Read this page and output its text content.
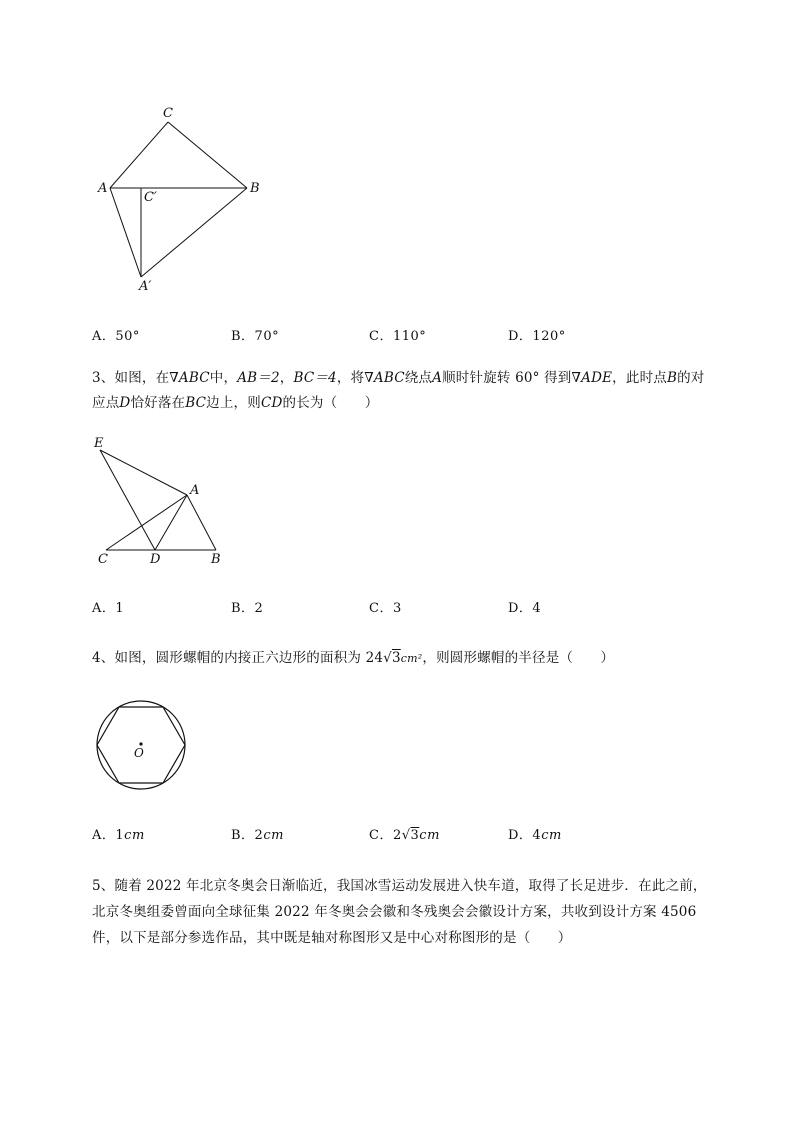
C
A
C′
B
A′
A．50°	B．70°	C．110°	D．120°
3、如图，在∇ABC中，AB＝2，BC＝4，将∇ABC绕点A顺时针旋转 60° 得到∇ADE，此时点B的对
应点D恰好落在BC边上，则CD的长为（　　）
E
A
C	D	B
A．1	B．2	C．3	D．4
4、如图，圆形螺帽的内接正六边形的面积为 24√3cm²，则圆形螺帽的半径是（　　）
O
A．1cm	B．2cm	C．2√3cm	D．4cm
5、随着 2022 年北京冬奥会日渐临近，我国冰雪运动发展进入快车道，取得了长足进步．在此之前，
北京冬奥组委曾面向全球征集 2022 年冬奥会会徽和冬残奥会会徽设计方案，共收到设计方案 4506
件，以下是部分参选作品，其中既是轴对称图形又是中心对称图形的是（　　）
